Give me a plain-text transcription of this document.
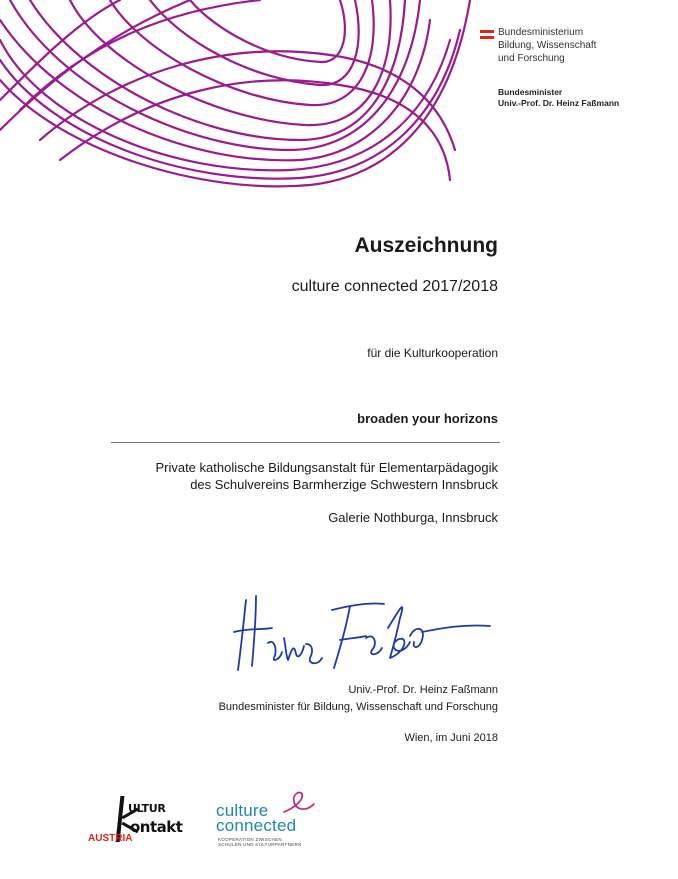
Bundesministerium
Bildung, Wissenschaft
und Forschung
Bundesminister
Univ.-Prof. Dr. Heinz Faßmann
Auszeichnung
culture connected 2017/2018
für die Kulturkooperation
broaden your horizons
Private katholische Bildungsanstalt für Elementarpädagogik
des Schulvereins Barmherzige Schwestern Innsbruck
Galerie Nothburga, Innsbruck
Univ.-Prof. Dr. Heinz Faßmann
Bundesminister für Bildung, Wissenschaft und Forschung
Wien, im Juni 2018
ULTUR
ontakt
AUSTRIA
culture
connected
KOOPERATION ZWISCHEN
SCHULEN UND KULTURPARTNERN
